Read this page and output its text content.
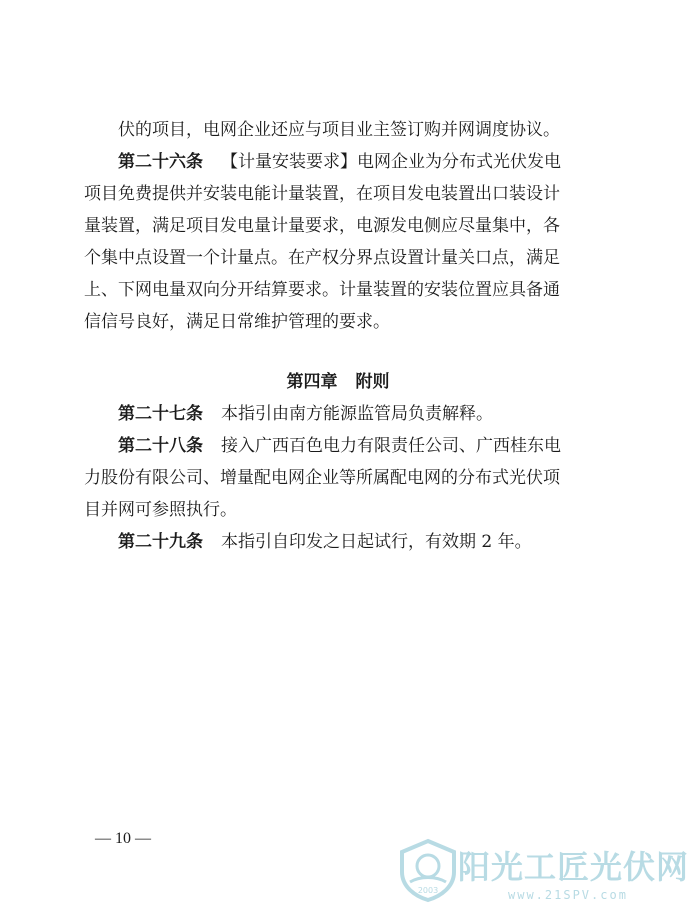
伏的项目，电网企业还应与项目业主签订购并网调度协议。

第二十六条 【计量安装要求】电网企业为分布式光伏发电
项目免费提供并安装电能计量装置，在项目发电装置出口装设计
量装置，满足项目发电量计量要求，电源发电侧应尽量集中，各
个集中点设置一个计量点。在产权分界点设置计量关口点，满足
上、下网电量双向分开结算要求。计量装置的安装位置应具备通
信信号良好，满足日常维护管理的要求。

第四章 附则

第二十七条 本指引由南方能源监管局负责解释。

第二十八条 接入广西百色电力有限责任公司、广西桂东电
力股份有限公司、增量配电网企业等所属配电网的分布式光伏项
目并网可参照执行。

第二十九条 本指引自印发之日起试行，有效期 2 年。

— 10 —
2003
阳光工匠光伏网
www.21SPV.com
